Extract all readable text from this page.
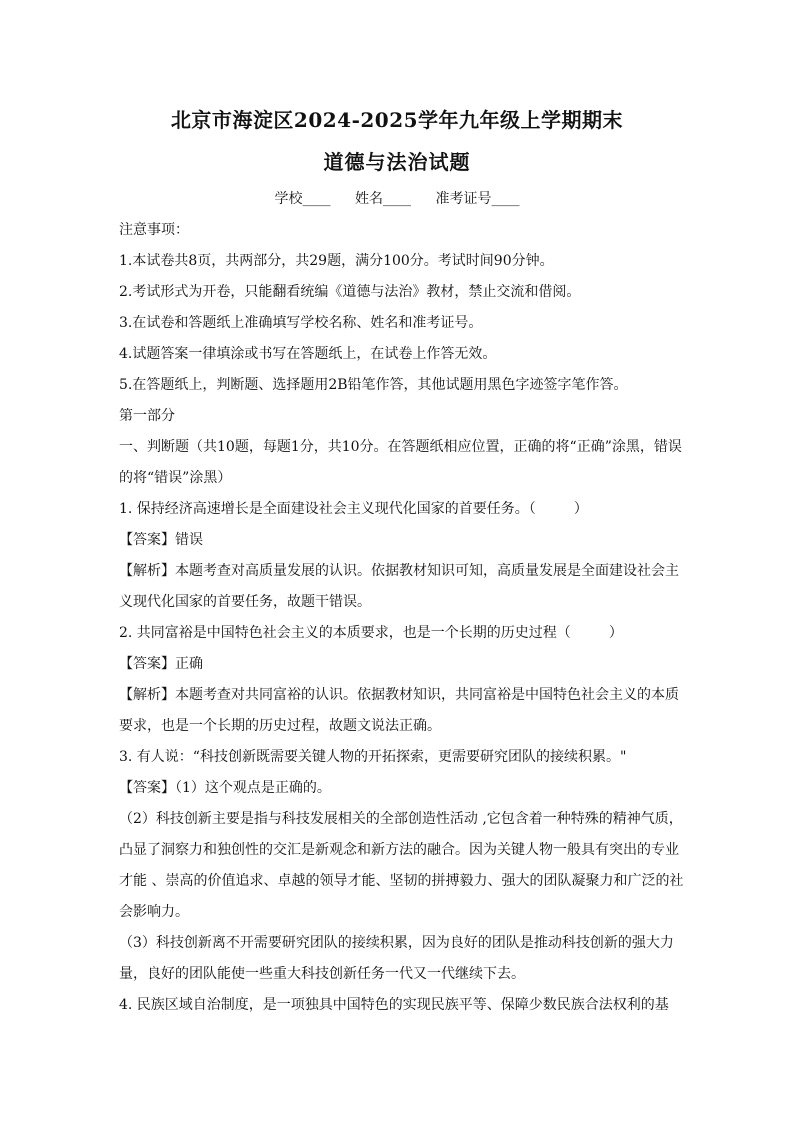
北京市海淀区2024-2025学年九年级上学期期末
道德与法治试题
学校____ 姓名____ 准考证号____

注意事项：

1.本试卷共8页，共两部分，共29题，满分100分。考试时间90分钟。

2.考试形式为开卷，只能翻看统编《道德与法治》教材，禁止交流和借阅。

3.在试卷和答题纸上准确填写学校名称、姓名和准考证号。

4.试题答案一律填涂或书写在答题纸上，在试卷上作答无效。

5.在答题纸上，判断题、选择题用2B铅笔作答，其他试题用黑色字迹签字笔作答。

第一部分

一、判断题（共10题，每题1分，共10分。在答题纸相应位置，正确的将“正确”涂黑，错误的将“错误”涂黑）

1. 保持经济高速增长是全面建设社会主义现代化国家的首要任务。（	）

【答案】错误

【解析】本题考查对高质量发展的认识。依据教材知识可知，高质量发展是全面建设社会主义现代化国家的首要任务，故题干错误。

2. 共同富裕是中国特色社会主义的本质要求，也是一个长期的历史过程（	）

【答案】正确

【解析】本题考查对共同富裕的认识。依据教材知识，共同富裕是中国特色社会主义的本质要求，也是一个长期的历史过程，故题文说法正确。

3. 有人说：“科技创新既需要关键人物的开拓探索，更需要研究团队的接续积累。"

【答案】（1）这个观点是正确的。

（2）科技创新主要是指与科技发展相关的全部创造性活动 ,它包含着一种特殊的精神气质，凸显了洞察力和独创性的交汇是新观念和新方法的融合。因为关键人物一般具有突出的专业才能 、崇高的价值追求、卓越的领导才能、坚韧的拼搏毅力、强大的团队凝聚力和广泛的社会影响力。

（3）科技创新离不开需要研究团队的接续积累，因为良好的团队是推动科技创新的强大力量，良好的团队能使一些重大科技创新任务一代又一代继续下去。

4. 民族区域自治制度，是一项独具中国特色的实现民族平等、保障少数民族合法权利的基
